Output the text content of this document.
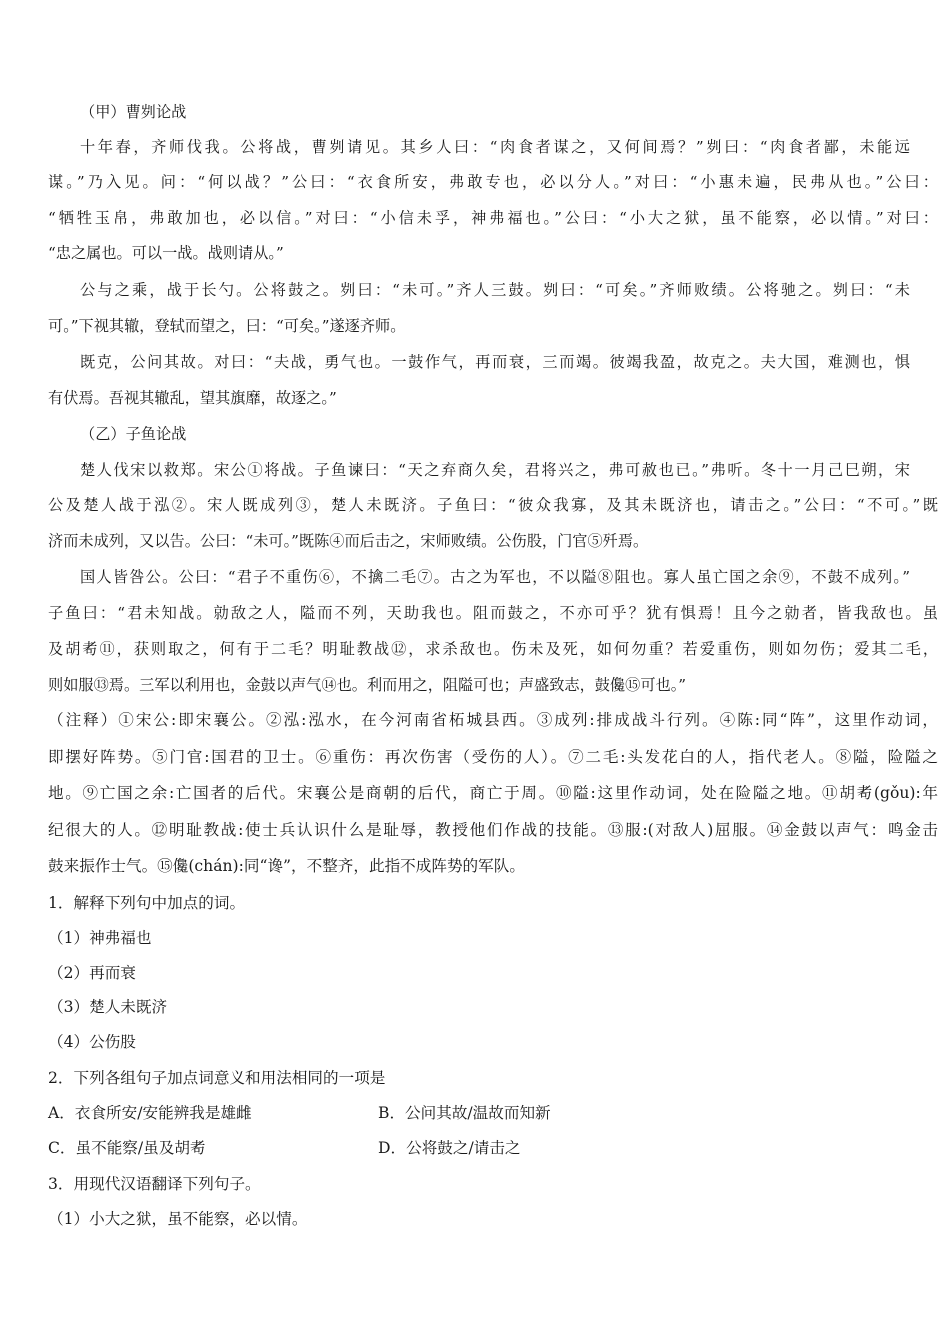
（甲）曹刿论战

十年春，齐师伐我。公将战，曹刿请见。其乡人曰：“肉食者谋之，又何间焉？”刿曰：“肉食者鄙，未能远

谋。”乃入见。问：“何以战？”公曰：“衣食所安，弗敢专也，必以分人。”对曰：“小惠未遍，民弗从也。”公曰：

“牺牲玉帛，弗敢加也，必以信。”对曰：“小信未孚，神弗福也。”公曰：“小大之狱，虽不能察，必以情。”对曰：

“忠之属也。可以一战。战则请从。”

公与之乘，战于长勺。公将鼓之。刿曰：“未可。”齐人三鼓。刿曰：“可矣。”齐师败绩。公将驰之。刿曰：“未

可。”下视其辙，登轼而望之，曰：“可矣。”遂逐齐师。

既克，公问其故。对曰：“夫战，勇气也。一鼓作气，再而衰，三而竭。彼竭我盈，故克之。夫大国，难测也，惧

有伏焉。吾视其辙乱，望其旗靡，故逐之。”

（乙）子鱼论战

楚人伐宋以救郑。宋公①将战。子鱼谏曰：“天之弃商久矣，君将兴之，弗可赦也已。”弗听。冬十一月己巳朔，宋

公及楚人战于泓②。宋人既成列③，楚人未既济。子鱼曰：“彼众我寡，及其未既济也，请击之。”公曰：“不可。”既

济而未成列，又以告。公曰：“未可。”既陈④而后击之，宋师败绩。公伤股，门官⑤歼焉。

国人皆咎公。公曰：“君子不重伤⑥，不擒二毛⑦。古之为军也，不以隘⑧阻也。寡人虽亡国之余⑨，不鼓不成列。”

子鱼曰：“君未知战。勍敌之人，隘而不列，天助我也。阻而鼓之，不亦可乎？犹有惧焉！且今之勍者，皆我敌也。虽

及胡耇⑪，获则取之，何有于二毛？明耻教战⑫，求杀敌也。伤未及死，如何勿重？若爱重伤，则如勿伤；爱其二毛，

则如服⑬焉。三军以利用也，金鼓以声气⑭也。利而用之，阻隘可也；声盛致志，鼓儳⑮可也。”

（注释）①宋公:即宋襄公。②泓:泓水，在今河南省柘城县西。③成列:排成战斗行列。④陈:同“阵”，这里作动词，

即摆好阵势。⑤门官:国君的卫士。⑥重伤：再次伤害（受伤的人）。⑦二毛:头发花白的人，指代老人。⑧隘，险隘之

地。⑨亡国之余:亡国者的后代。宋襄公是商朝的后代，商亡于周。⑩隘:这里作动词，处在险隘之地。⑪胡耇(gǒu):年

纪很大的人。⑫明耻教战:使士兵认识什么是耻辱，教授他们作战的技能。⑬服:(对敌人)屈服。⑭金鼓以声气：鸣金击

鼓来振作士气。⑮儳(chán):同“谗”，不整齐，此指不成阵势的军队。

1．解释下列句中加点的词。

（1）神弗福也

（2）再而衰

（3）楚人未既济

（4）公伤股

2．下列各组句子加点词意义和用法相同的一项是

A．衣食所安/安能辨我是雄雌	B．公问其故/温故而知新

C．虽不能察/虽及胡耇	D．公将鼓之/请击之

3．用现代汉语翻译下列句子。

（1）小大之狱，虽不能察，必以情。
